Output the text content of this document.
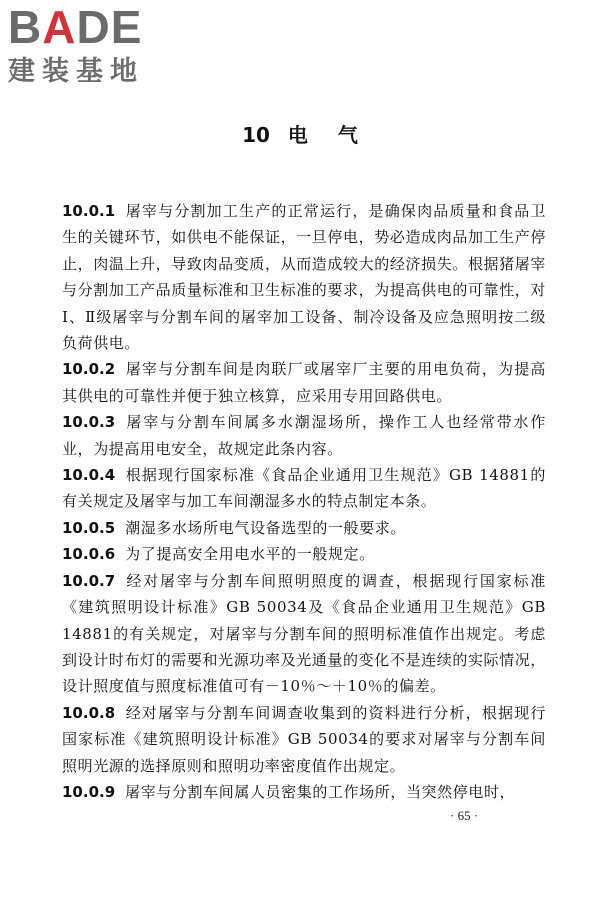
BADE
建装基地
10 电 气

10.0.1 屠宰与分割加工生产的正常运行，是确保肉品质量和食品卫生的关键环节，如供电不能保证，一旦停电，势必造成肉品加工生产停止，肉温上升，导致肉品变质，从而造成较大的经济损失。根据猪屠宰与分割加工产品质量标准和卫生标准的要求，为提高供电的可靠性，对Ⅰ、Ⅱ级屠宰与分割车间的屠宰加工设备、制冷设备及应急照明按二级负荷供电。

10.0.2 屠宰与分割车间是肉联厂或屠宰厂主要的用电负荷，为提高其供电的可靠性并便于独立核算，应采用专用回路供电。

10.0.3 屠宰与分割车间属多水潮湿场所，操作工人也经常带水作业，为提高用电安全，故规定此条内容。

10.0.4 根据现行国家标准《食品企业通用卫生规范》GB 14881的有关规定及屠宰与加工车间潮湿多水的特点制定本条。

10.0.5 潮湿多水场所电气设备选型的一般要求。

10.0.6 为了提高安全用电水平的一般规定。

10.0.7 经对屠宰与分割车间照明照度的调查，根据现行国家标准《建筑照明设计标准》GB 50034及《食品企业通用卫生规范》GB 14881的有关规定，对屠宰与分割车间的照明标准值作出规定。考虑到设计时布灯的需要和光源功率及光通量的变化不是连续的实际情况，设计照度值与照度标准值可有－10％～＋10％的偏差。

10.0.8 经对屠宰与分割车间调查收集到的资料进行分析，根据现行国家标准《建筑照明设计标准》GB 50034的要求对屠宰与分割车间照明光源的选择原则和照明功率密度值作出规定。

10.0.9 屠宰与分割车间属人员密集的工作场所，当突然停电时，

· 65 ·
